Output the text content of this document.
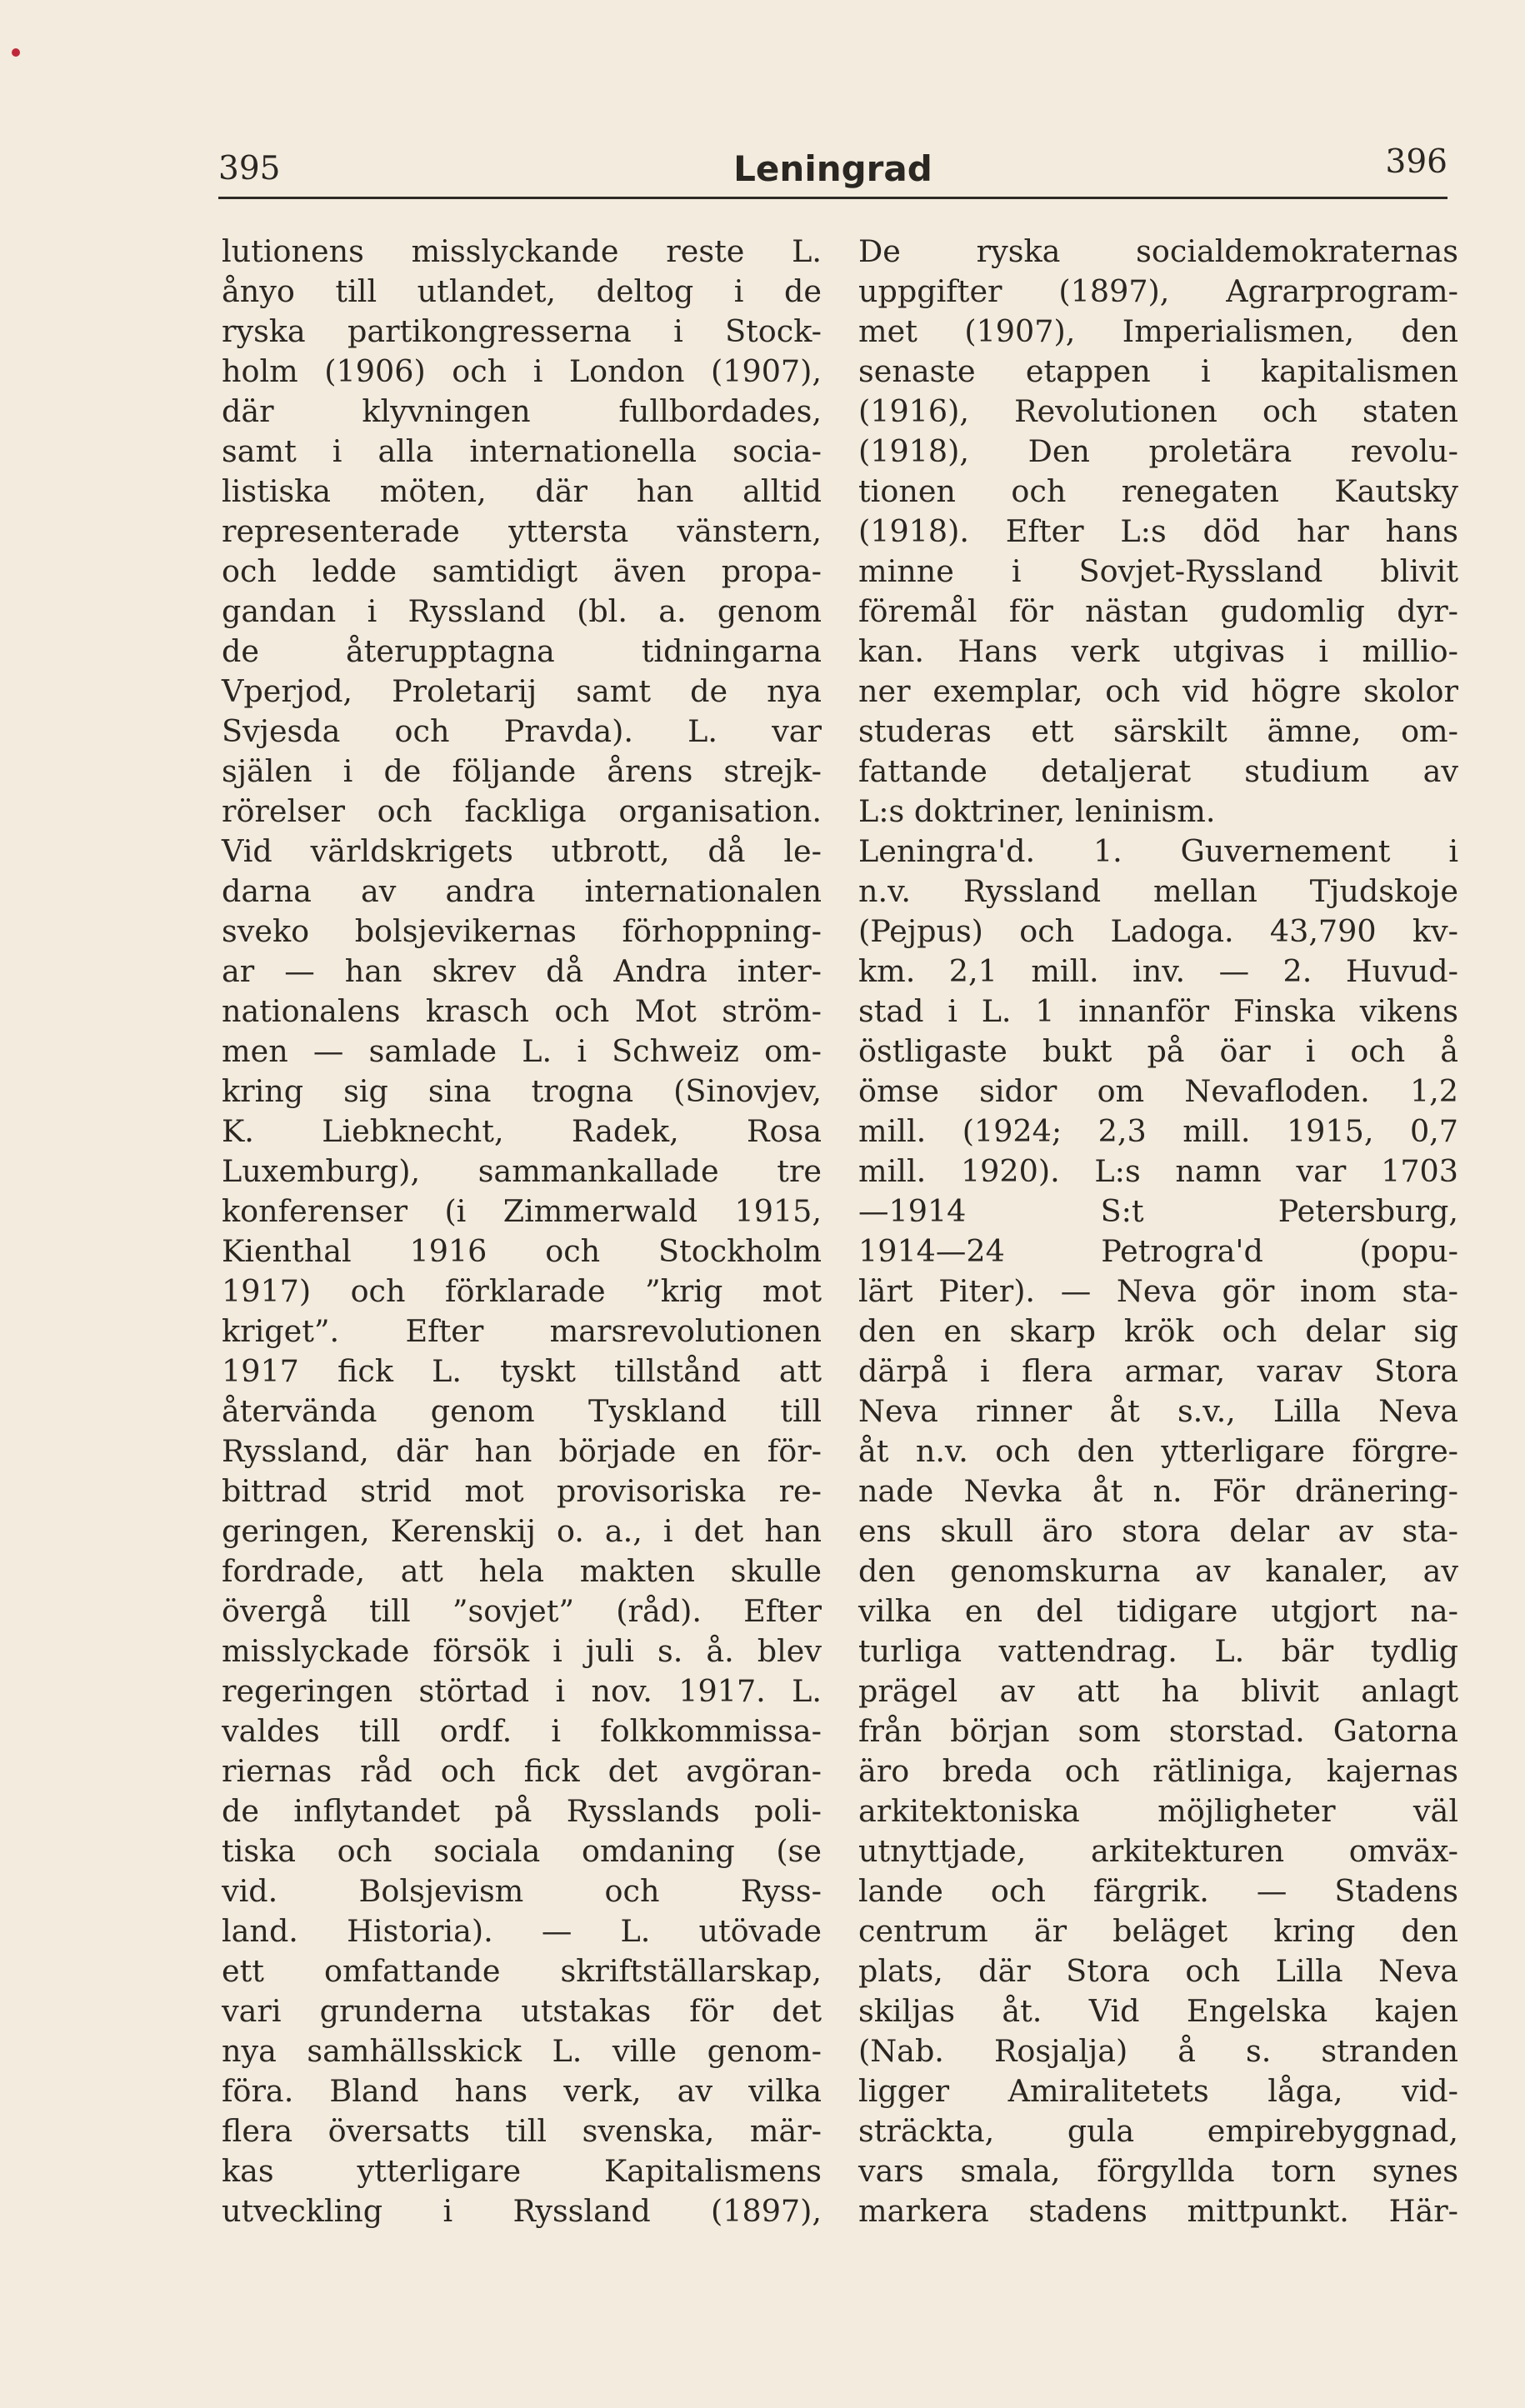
395	Leningrad	396
lutionens misslyckande reste L.
ånyo till utlandet, deltog i de
ryska partikongresserna i Stock-
holm (1906) och i London (1907),
där klyvningen fullbordades,
samt i alla internationella socia-
listiska möten, där han alltid
representerade yttersta vänstern,
och ledde samtidigt även propa-
gandan i Ryssland (bl. a. genom
de återupptagna tidningarna
Vperjod, Proletarij samt de nya
Svjesda och Pravda). L. var
själen i de följande årens strejk-
rörelser och fackliga organisation.
Vid världskrigets utbrott, då le-
darna av andra internationalen
sveko bolsjevikernas förhoppning-
ar — han skrev då Andra inter-
nationalens krasch och Mot ström-
men — samlade L. i Schweiz om-
kring sig sina trogna (Sinovjev,
K. Liebknecht, Radek, Rosa
Luxemburg), sammankallade tre
konferenser (i Zimmerwald 1915,
Kienthal 1916 och Stockholm
1917) och förklarade ”krig mot
kriget”. Efter marsrevolutionen
1917 fick L. tyskt tillstånd att
återvända genom Tyskland till
Ryssland, där han började en för-
bittrad strid mot provisoriska re-
geringen, Kerenskij o. a., i det han
fordrade, att hela makten skulle
övergå till ”sovjet” (råd). Efter
misslyckade försök i juli s. å. blev
regeringen störtad i nov. 1917. L.
valdes till ordf. i folkkommissa-
riernas råd och fick det avgöran-
de inflytandet på Rysslands poli-
tiska och sociala omdaning (se
vid. Bolsjevism och Ryss-
land. Historia). — L. utövade
ett omfattande skriftställarskap,
vari grunderna utstakas för det
nya samhällsskick L. ville genom-
föra. Bland hans verk, av vilka
flera översatts till svenska, mär-
kas ytterligare Kapitalismens
utveckling i Ryssland (1897),
De ryska socialdemokraternas
uppgifter (1897), Agrarprogram-
met (1907), Imperialismen, den
senaste etappen i kapitalismen
(1916), Revolutionen och staten
(1918), Den proletära revolu-
tionen och renegaten Kautsky
(1918). Efter L:s död har hans
minne i Sovjet-Ryssland blivit
föremål för nästan gudomlig dyr-
kan. Hans verk utgivas i millio-
ner exemplar, och vid högre skolor
studeras ett särskilt ämne, om-
fattande detaljerat studium av
L:s doktriner, leninism.
Leningra'd. 1. Guvernement i
n.v. Ryssland mellan Tjudskoje
(Pejpus) och Ladoga. 43,790 kv-
km. 2,1 mill. inv. — 2. Huvud-
stad i L. 1 innanför Finska vikens
östligaste bukt på öar i och å
ömse sidor om Nevafloden. 1,2
mill. (1924; 2,3 mill. 1915, 0,7
mill. 1920). L:s namn var 1703
—1914 S:t Petersburg,
1914—24 Petrogra'd (popu-
lärt Piter). — Neva gör inom sta-
den en skarp krök och delar sig
därpå i flera armar, varav Stora
Neva rinner åt s.v., Lilla Neva
åt n.v. och den ytterligare förgre-
nade Nevka åt n. För dränering-
ens skull äro stora delar av sta-
den genomskurna av kanaler, av
vilka en del tidigare utgjort na-
turliga vattendrag. L. bär tydlig
prägel av att ha blivit anlagt
från början som storstad. Gatorna
äro breda och rätliniga, kajernas
arkitektoniska möjligheter väl
utnyttjade, arkitekturen omväx-
lande och färgrik. — Stadens
centrum är beläget kring den
plats, där Stora och Lilla Neva
skiljas åt. Vid Engelska kajen
(Nab. Rosjalja) å s. stranden
ligger Amiralitetets låga, vid-
sträckta, gula empirebyggnad,
vars smala, förgyllda torn synes
markera stadens mittpunkt. Här-
